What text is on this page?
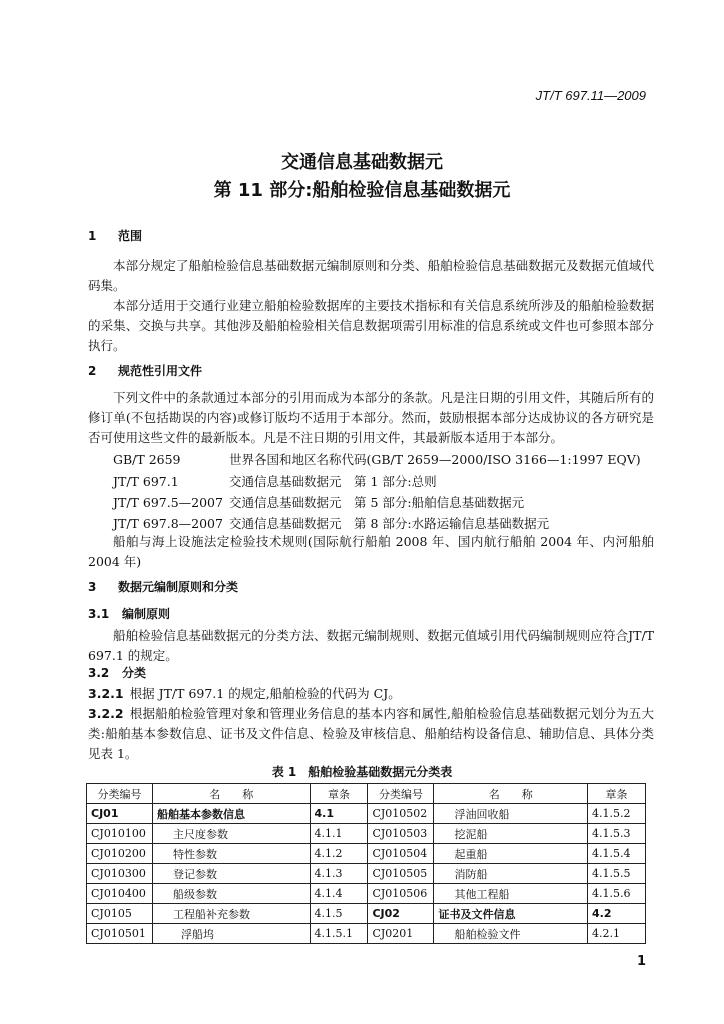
JT/T 697.11—2009
交通信息基础数据元
第 11 部分:船舶检验信息基础数据元
1 范围
本部分规定了船舶检验信息基础数据元编制原则和分类、船舶检验信息基础数据元及数据元值域代码集。
本部分适用于交通行业建立船舶检验数据库的主要技术指标和有关信息系统所涉及的船舶检验数据的采集、交换与共享。其他涉及船舶检验相关信息数据项需引用标准的信息系统或文件也可参照本部分执行。
2 规范性引用文件
下列文件中的条款通过本部分的引用而成为本部分的条款。凡是注日期的引用文件，其随后所有的修订单(不包括勘误的内容)或修订版均不适用于本部分。然而，鼓励根据本部分达成协议的各方研究是否可使用这些文件的最新版本。凡是不注日期的引用文件，其最新版本适用于本部分。
GB/T 2659	世界各国和地区名称代码(GB/T 2659—2000/ISO 3166—1:1997 EQV)
JT/T 697.1	交通信息基础数据元　第 1 部分:总则
JT/T 697.5—2007 交通信息基础数据元　第 5 部分:船舶信息基础数据元
JT/T 697.8—2007 交通信息基础数据元　第 8 部分:水路运输信息基础数据元
船舶与海上设施法定检验技术规则(国际航行船舶 2008 年、国内航行船舶 2004 年、内河船舶 2004 年)
3 数据元编制原则和分类
3.1 编制原则
船舶检验信息基础数据元的分类方法、数据元编制规则、数据元值域引用代码编制规则应符合JT/T 697.1 的规定。
3.2 分类
3.2.1 根据 JT/T 697.1 的规定,船舶检验的代码为 CJ。
3.2.2 根据船舶检验管理对象和管理业务信息的基本内容和属性,船舶检验信息基础数据元划分为五大类:船舶基本参数信息、证书及文件信息、检验及审核信息、船舶结构设备信息、辅助信息、具体分类见表 1。
表 1　船舶检验基础数据元分类表
分类编号	名　　称	章条	分类编号	名　　称	章条
CJ01	船舶基本参数信息	4.1	CJ010502	浮油回收船	4.1.5.2
CJ010100	主尺度参数	4.1.1	CJ010503	挖泥船	4.1.5.3
CJ010200	特性参数	4.1.2	CJ010504	起重船	4.1.5.4
CJ010300	登记参数	4.1.3	CJ010505	消防船	4.1.5.5
CJ010400	船级参数	4.1.4	CJ010506	其他工程船	4.1.5.6
CJ0105	工程船补充参数	4.1.5	CJ02	证书及文件信息	4.2
CJ010501	浮船坞	4.1.5.1	CJ0201	船舶检验文件	4.2.1
1
